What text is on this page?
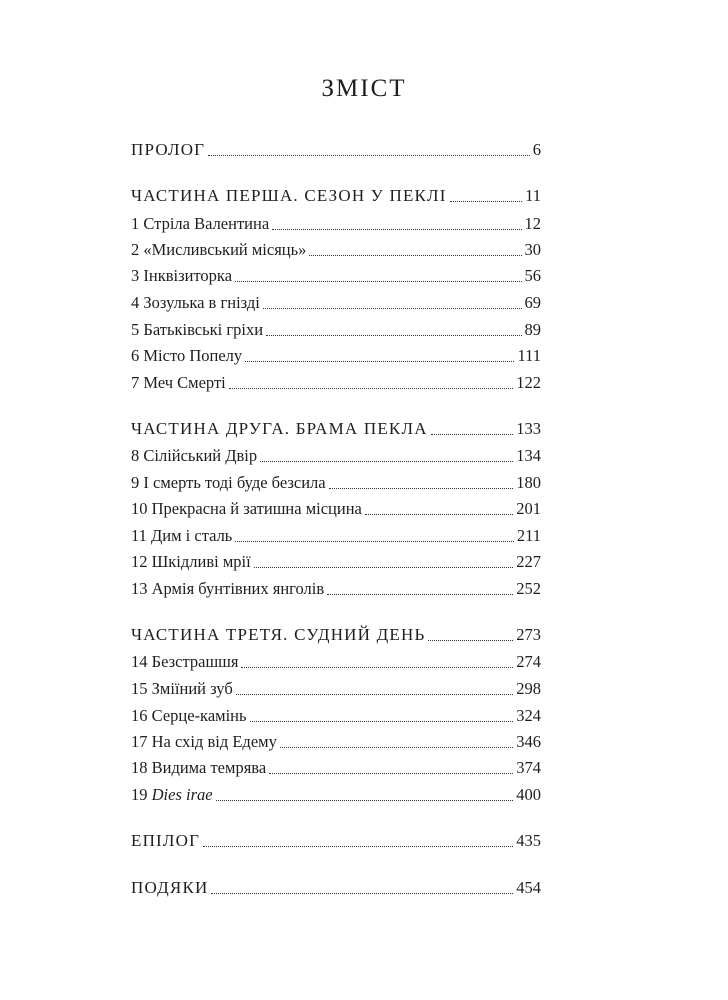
ЗМІСТ
ПРОЛОГ	6
ЧАСТИНА ПЕРША. СЕЗОН У ПЕКЛІ	11
1 Стріла Валентина	12
2 «Мисливський місяць»	30
3 Інквізиторка	56
4 Зозулька в гнізді	69
5 Батьківські гріхи	89
6 Місто Попелу	111
7 Меч Смерті	122
ЧАСТИНА ДРУГА. БРАМА ПЕКЛА	133
8 Сілійський Двір	134
9 І смерть тоді буде безсила	180
10 Прекрасна й затишна місцина	201
11 Дим і сталь	211
12 Шкідливі мрії	227
13 Армія бунтівних янголів	252
ЧАСТИНА ТРЕТЯ. СУДНИЙ ДЕНЬ	273
14 Безстрашшя	274
15 Зміїний зуб	298
16 Серце-камінь	324
17 На схід від Едему	346
18 Видима темрява	374
19 Dies irae	400
ЕПІЛОГ	435
ПОДЯКИ	454
